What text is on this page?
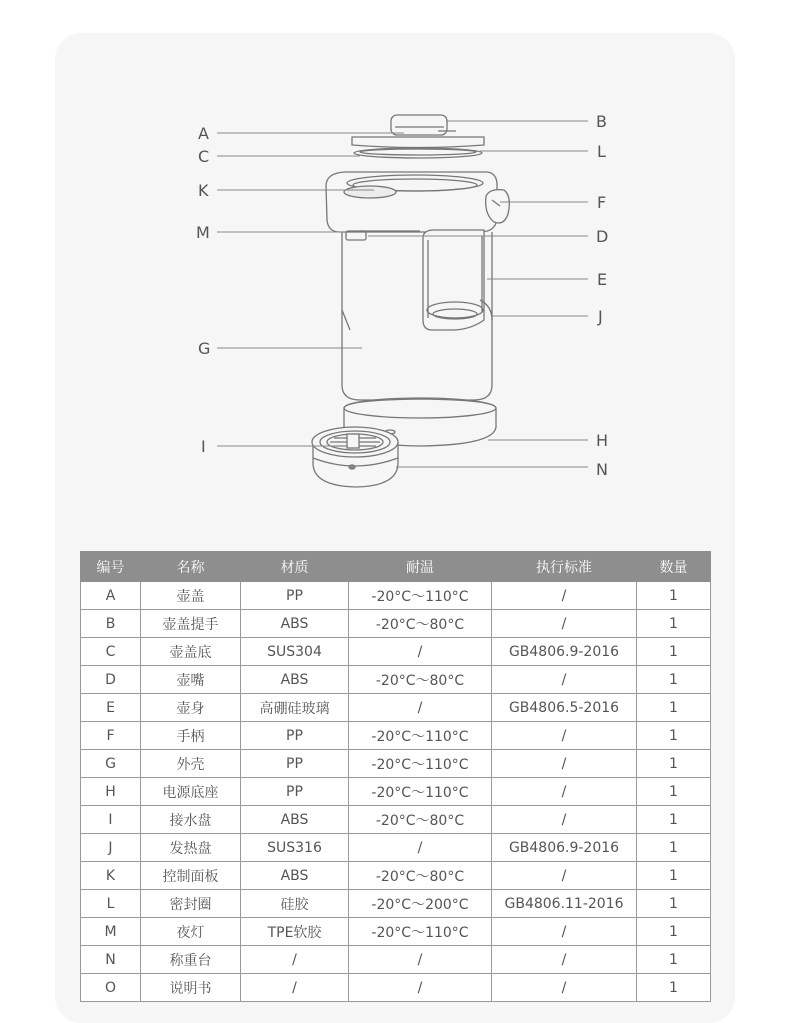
A
C
K
M
G
I
B
L
F
D
E
J
H
N
编号	名称	材质	耐温	执行标准	数量
A	壶盖	PP	-20°C～110°C	/	1
B	壶盖提手	ABS	-20°C～80°C	/	1
C	壶盖底	SUS304	/	GB4806.9-2016	1
D	壶嘴	ABS	-20°C～80°C	/	1
E	壶身	高硼硅玻璃	/	GB4806.5-2016	1
F	手柄	PP	-20°C～110°C	/	1
G	外壳	PP	-20°C～110°C	/	1
H	电源底座	PP	-20°C～110°C	/	1
I	接水盘	ABS	-20°C～80°C	/	1
J	发热盘	SUS316	/	GB4806.9-2016	1
K	控制面板	ABS	-20°C～80°C	/	1
L	密封圈	硅胶	-20°C～200°C	GB4806.11-2016	1
M	夜灯	TPE软胶	-20°C～110°C	/	1
N	称重台	/	/	/	1
O	说明书	/	/	/	1
